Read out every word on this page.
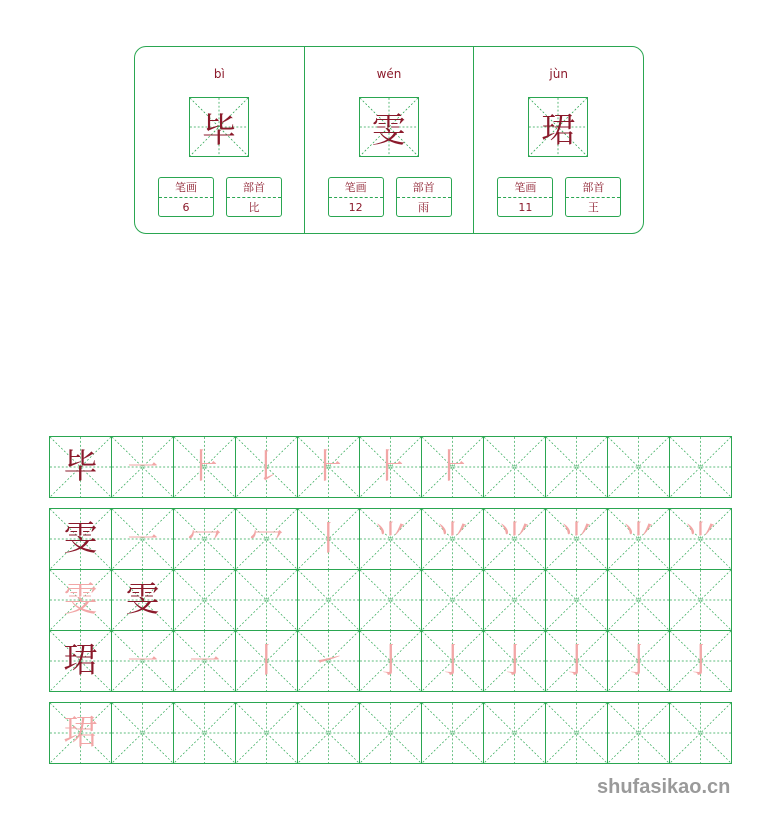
bì
毕
笔画
6
部首
比
wén
雯
笔画
12
部首
雨
jùn
珺
笔画
11
部首
王
毕 ㇐ ⺊ 𠄌 ⺊ ⺊ ⺊
雯 ㇐ 冖 ⼍ 丨 ⺌ ⺌ ⺌ ⺌ ⺌ ⺌
雯 雯
珺 ㇐ ㇐ 丨 ㇀ ⼅ ⼅ ⼅ ⼅ ⼅ ⼅
珺
shufasikao.cn
